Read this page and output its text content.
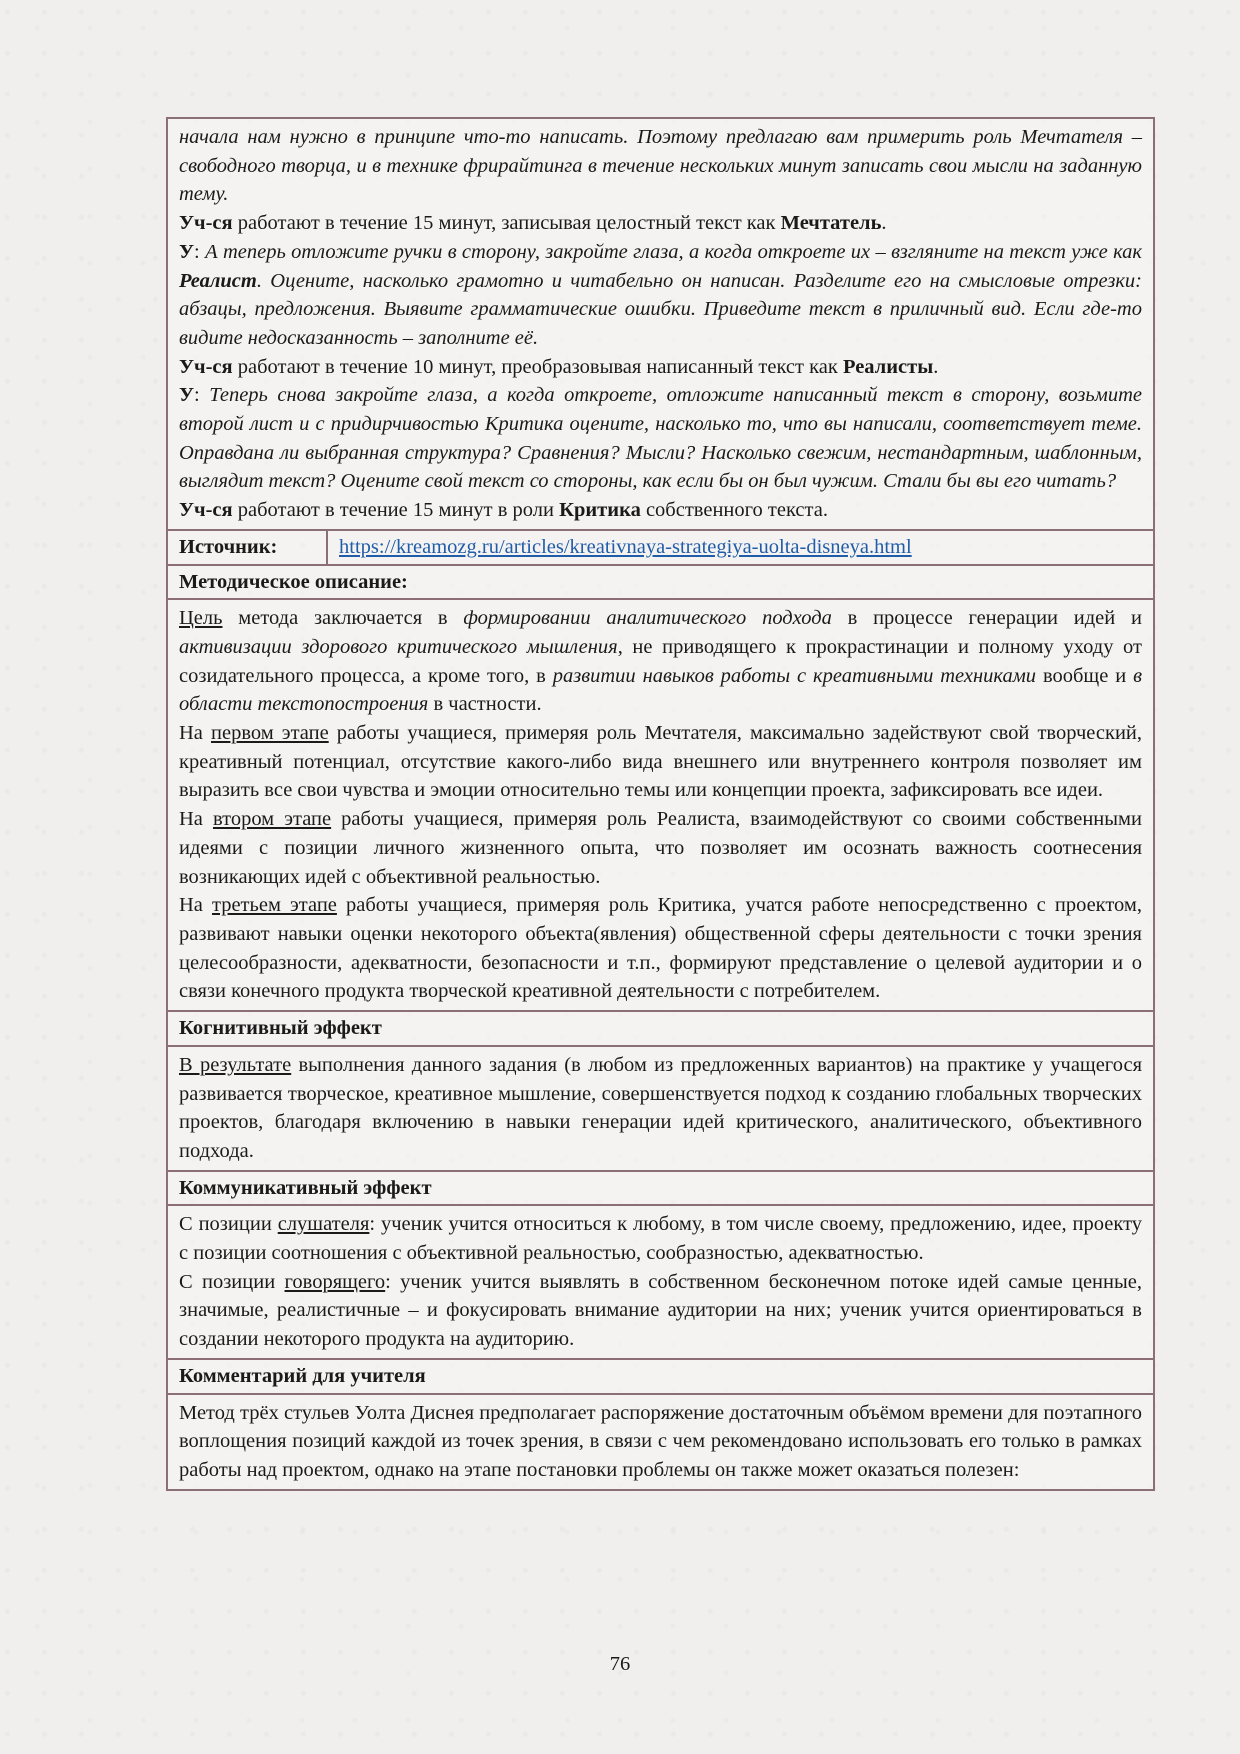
начала нам нужно в принципе что-то написать. Поэтому предлагаю вам примерить роль Мечтателя – свободного творца, и в технике фрирайтинга в течение нескольких минут записать свои мысли на заданную тему.

Уч-ся работают в течение 15 минут, записывая целостный текст как Мечтатель.

У: А теперь отложите ручки в сторону, закройте глаза, а когда откроете их – взгляните на текст уже как Реалист. Оцените, насколько грамотно и читабельно он написан. Разделите его на смысловые отрезки: абзацы, предложения. Выявите грамматические ошибки. Приведите текст в приличный вид. Если где-то видите недосказанность – заполните её.

Уч-ся работают в течение 10 минут, преобразовывая написанный текст как Реалисты.

У: Теперь снова закройте глаза, а когда откроете, отложите написанный текст в сторону, возьмите второй лист и с придирчивостью Критика оцените, насколько то, что вы написали, соответствует теме. Оправдана ли выбранная структура? Сравнения? Мысли? Насколько свежим, нестандартным, шаблонным, выглядит текст? Оцените свой текст со стороны, как если бы он был чужим. Стали бы вы его читать?

Уч-ся работают в течение 15 минут в роли Критика собственного текста.

Источник:	https://kreamozg.ru/articles/kreativnaya-strategiya-uolta-disneya.html
Методическое описание:

Цель метода заключается в формировании аналитического подхода в процессе генерации идей и активизации здорового критического мышления, не приводящего к прокрастинации и полному уходу от созидательного процесса, а кроме того, в развитии навыков работы с креативными техниками вообще и в области текстопостроения в частности.

На первом этапе работы учащиеся, примеряя роль Мечтателя, максимально задействуют свой творческий, креативный потенциал, отсутствие какого-либо вида внешнего или внутреннего контроля позволяет им выразить все свои чувства и эмоции относительно темы или концепции проекта, зафиксировать все идеи.

На втором этапе работы учащиеся, примеряя роль Реалиста, взаимодействуют со своими собственными идеями с позиции личного жизненного опыта, что позволяет им осознать важность соотнесения возникающих идей с объективной реальностью.

На третьем этапе работы учащиеся, примеряя роль Критика, учатся работе непосредственно с проектом, развивают навыки оценки некоторого объекта(явления) общественной сферы деятельности с точки зрения целесообразности, адекватности, безопасности и т.п., формируют представление о целевой аудитории и о связи конечного продукта творческой креативной деятельности с потребителем.

Когнитивный эффект

В результате выполнения данного задания (в любом из предложенных вариантов) на практике у учащегося развивается творческое, креативное мышление, совершенствуется подход к созданию глобальных творческих проектов, благодаря включению в навыки генерации идей критического, аналитического, объективного подхода.

Коммуникативный эффект

С позиции слушателя: ученик учится относиться к любому, в том числе своему, предложению, идее, проекту с позиции соотношения с объективной реальностью, сообразностью, адекватностью.

С позиции говорящего: ученик учится выявлять в собственном бесконечном потоке идей самые ценные, значимые, реалистичные – и фокусировать внимание аудитории на них; ученик учится ориентироваться в создании некоторого продукта на аудиторию.

Комментарий для учителя

Метод трёх стульев Уолта Диснея предполагает распоряжение достаточным объёмом времени для поэтапного воплощения позиций каждой из точек зрения, в связи с чем рекомендовано использовать его только в рамках работы над проектом, однако на этапе постановки проблемы он также может оказаться полезен:

76
